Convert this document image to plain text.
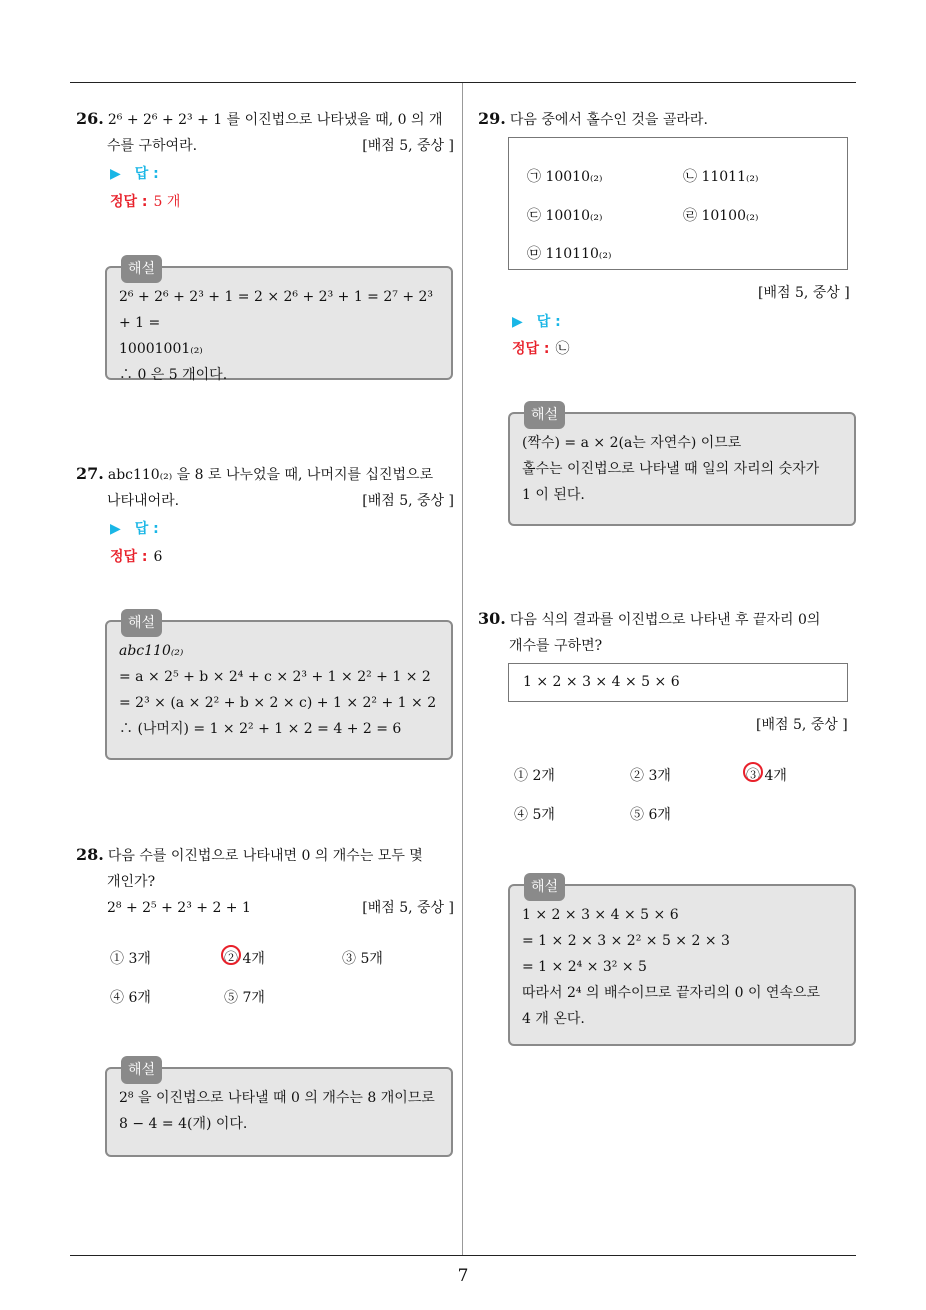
7
26. 2⁶ + 2⁶ + 2³ + 1 를 이진법으로 나타냈을 때, 0 의 개
수를 구하여라.	[배점 5, 중상 ]
▶ 답 :
정답 : 5 개
해설
2⁶ + 2⁶ + 2³ + 1 = 2 × 2⁶ + 2³ + 1 = 2⁷ + 2³ + 1 =
10001001₍₂₎
∴ 0 은 5 개이다.
27. abc110₍₂₎ 을 8 로 나누었을 때, 나머지를 십진법으로
나타내어라.	[배점 5, 중상 ]
▶ 답 :
정답 : 6
해설
abc110₍₂₎
= a × 2⁵ + b × 2⁴ + c × 2³ + 1 × 2² + 1 × 2
= 2³ × (a × 2² + b × 2 × c) + 1 × 2² + 1 × 2
∴ (나머지) = 1 × 2² + 1 × 2 = 4 + 2 = 6
28. 다음 수를 이진법으로 나타내면 0 의 개수는 모두 몇
개인가?
2⁸ + 2⁵ + 2³ + 2 + 1	[배점 5, 중상 ]
① 3개	② 4개	③ 5개
④ 6개	⑤ 7개
해설
2⁸ 을 이진법으로 나타낼 때 0 의 개수는 8 개이므로
8 − 4 = 4(개) 이다.
29. 다음 중에서 홀수인 것을 골라라.
㉠ 10010₍₂₎	㉡ 11011₍₂₎
㉢ 10010₍₂₎	㉣ 10100₍₂₎
㉤ 110110₍₂₎
[배점 5, 중상 ]
▶ 답 :
정답 : ㉡
해설
(짝수) = a × 2(a는 자연수) 이므로
홀수는 이진법으로 나타낼 때 일의 자리의 숫자가
1 이 된다.
30. 다음 식의 결과를 이진법으로 나타낸 후 끝자리 0의
개수를 구하면?
1 × 2 × 3 × 4 × 5 × 6
[배점 5, 중상 ]
① 2개	② 3개	③ 4개
④ 5개	⑤ 6개
해설
1 × 2 × 3 × 4 × 5 × 6
= 1 × 2 × 3 × 2² × 5 × 2 × 3
= 1 × 2⁴ × 3² × 5
따라서 2⁴ 의 배수이므로 끝자리의 0 이 연속으로
4 개 온다.
